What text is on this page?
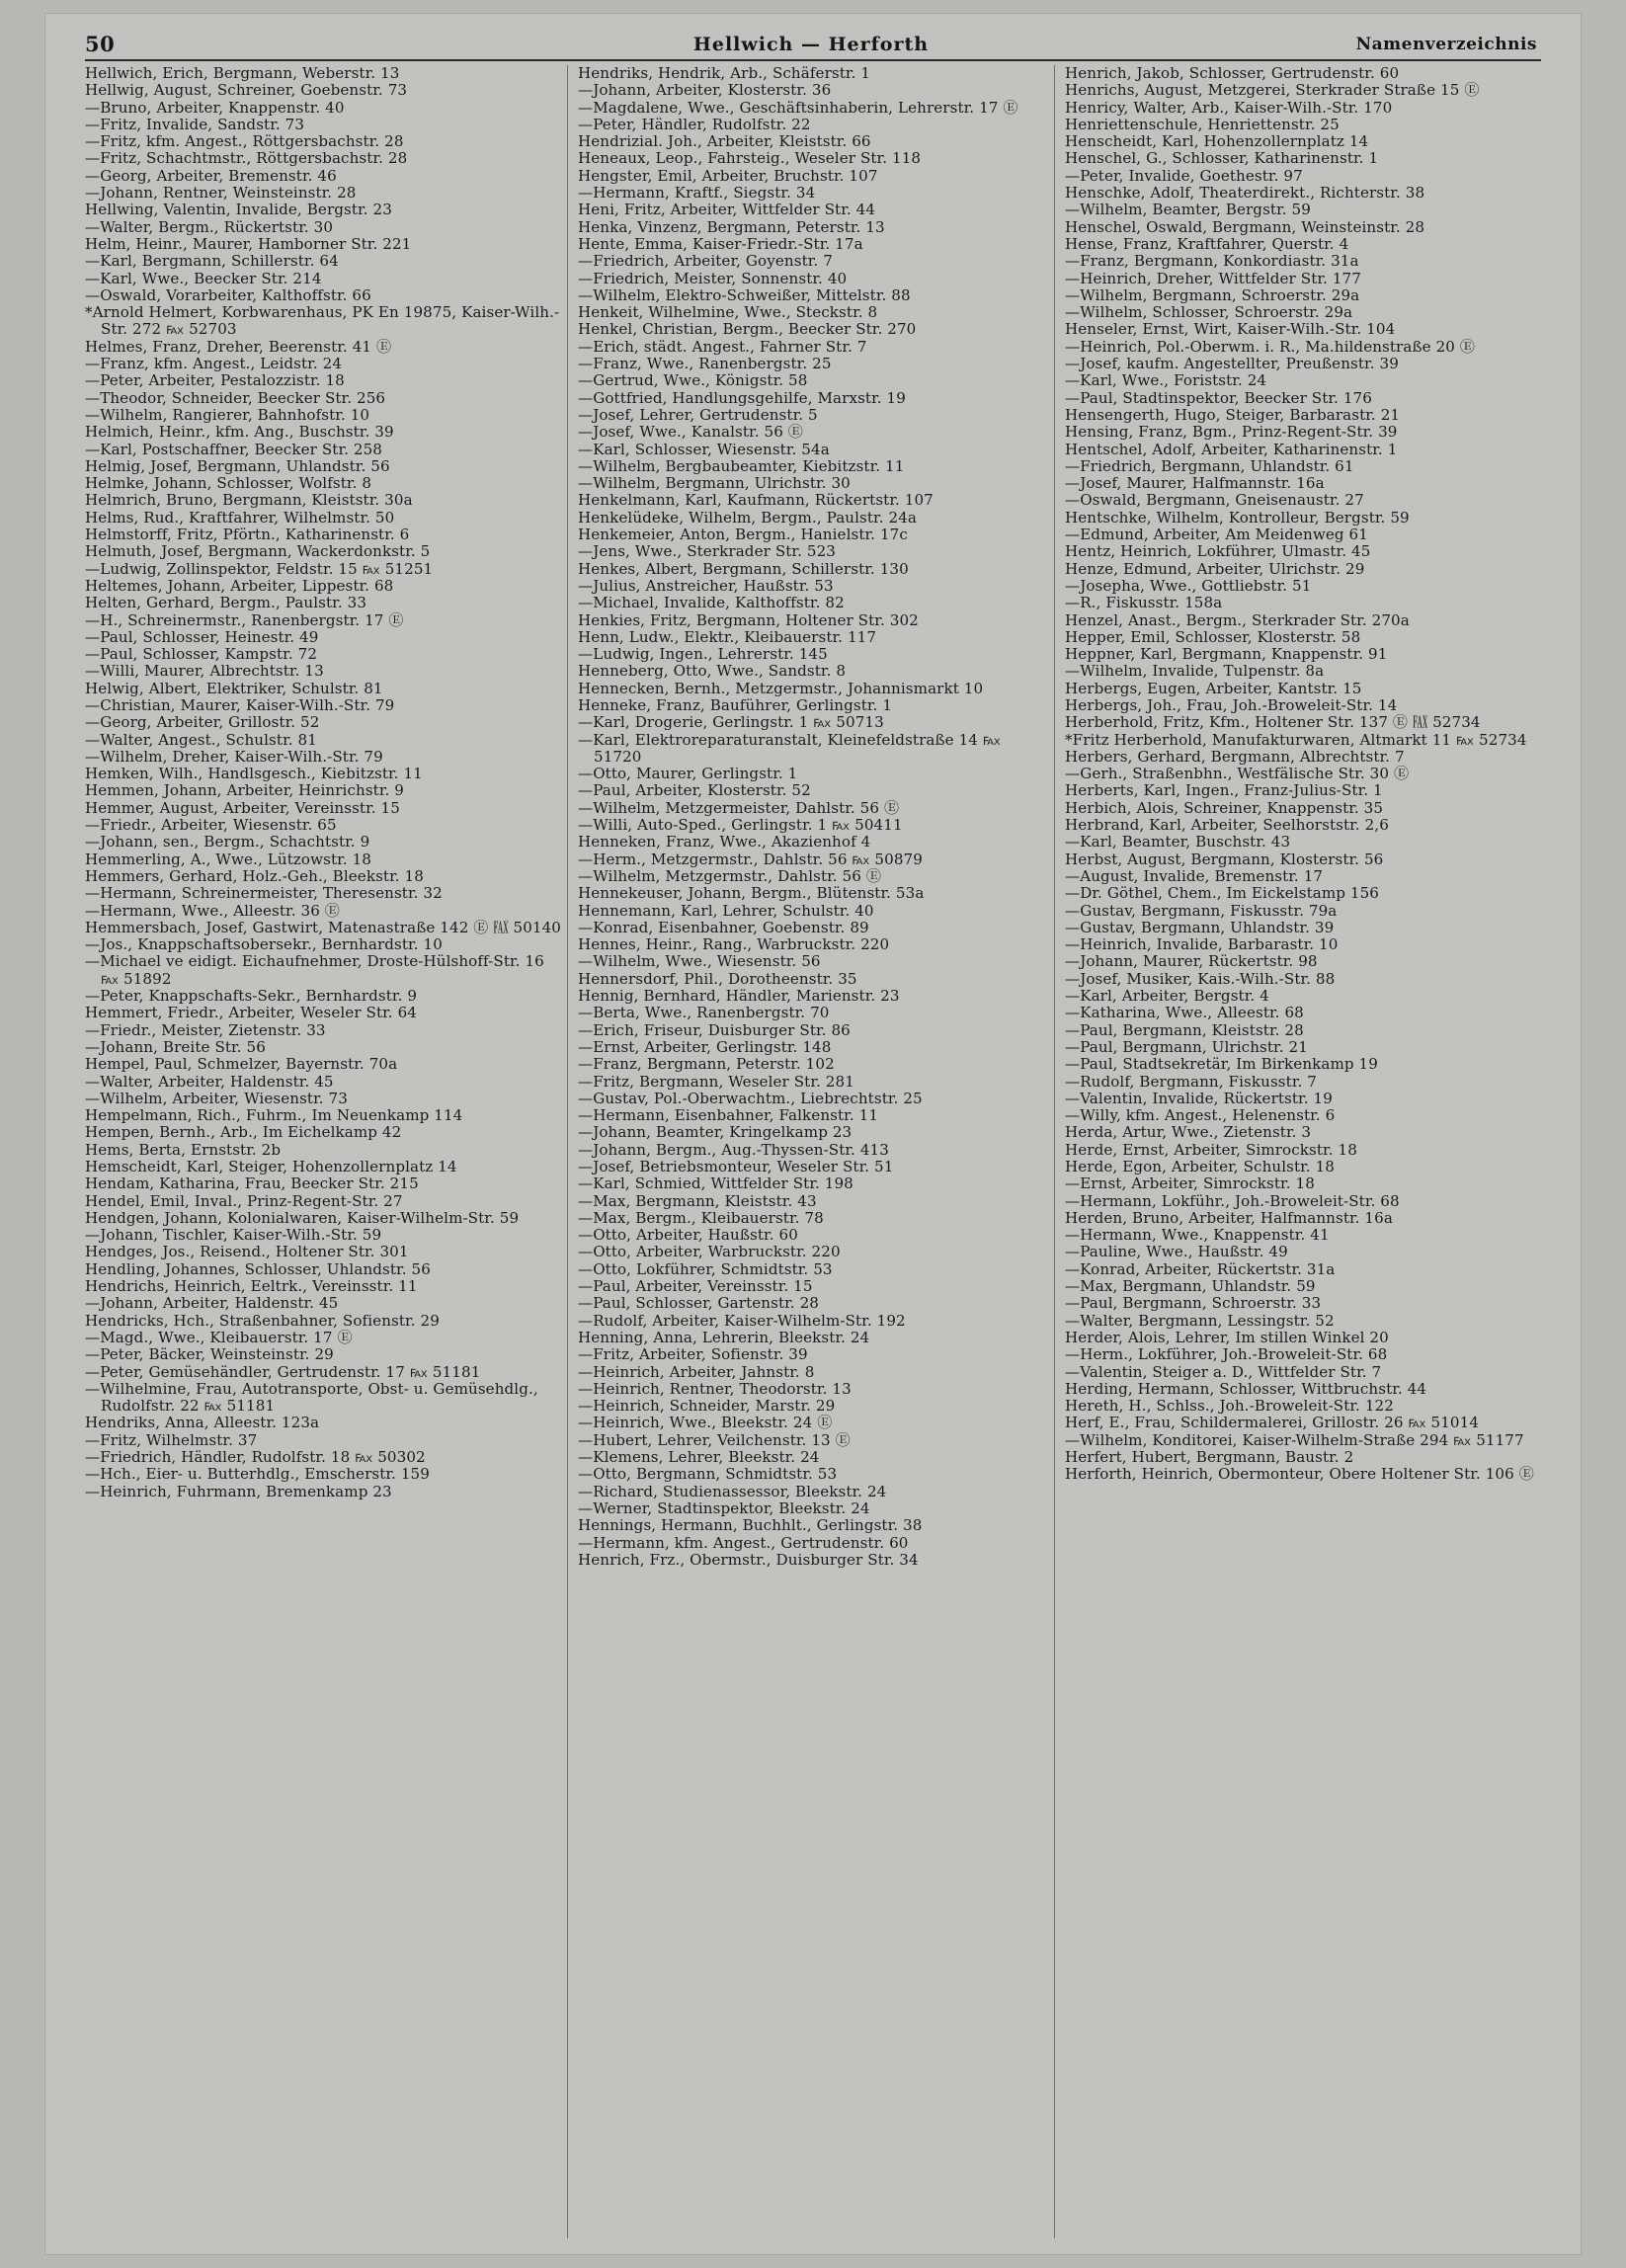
50	Hellwich — Herforth	Namenverzeichnis
Hellwich, Erich, Bergmann, Weberstr. 13
Hellwig, August, Schreiner, Goebenstr. 73
—Bruno, Arbeiter, Knappenstr. 40
—Fritz, Invalide, Sandstr. 73
—Fritz, kfm. Angest., Röttgersbachstr. 28
—Fritz, Schachtmstr., Röttgersbachstr. 28
—Georg, Arbeiter, Bremenstr. 46
—Johann, Rentner, Weinsteinstr. 28
Hellwing, Valentin, Invalide, Bergstr. 23
—Walter, Bergm., Rückertstr. 30
Helm, Heinr., Maurer, Hamborner Str. 221
—Karl, Bergmann, Schillerstr. 64
—Karl, Wwe., Beecker Str. 214
—Oswald, Vorarbeiter, Kalthoffstr. 66
*Arnold Helmert, Korbwarenhaus, PK En 19875, Kaiser-Wilh.-Str. 272 ℻ 52703
Helmes, Franz, Dreher, Beerenstr. 41 Ⓔ
—Franz, kfm. Angest., Leidstr. 24
—Peter, Arbeiter, Pestalozzistr. 18
—Theodor, Schneider, Beecker Str. 256
—Wilhelm, Rangierer, Bahnhofstr. 10
Helmich, Heinr., kfm. Ang., Buschstr. 39
—Karl, Postschaffner, Beecker Str. 258
Helmig, Josef, Bergmann, Uhlandstr. 56
Helmke, Johann, Schlosser, Wolfstr. 8
Helmrich, Bruno, Bergmann, Kleiststr. 30a
Helms, Rud., Kraftfahrer, Wilhelmstr. 50
Helmstorff, Fritz, Pförtn., Katharinenstr. 6
Helmuth, Josef, Bergmann, Wackerdonkstr. 5
—Ludwig, Zollinspektor, Feldstr. 15 ℻ 51251
Heltemes, Johann, Arbeiter, Lippestr. 68
Helten, Gerhard, Bergm., Paulstr. 33
—H., Schreinermstr., Ranenbergstr. 17 Ⓔ
—Paul, Schlosser, Heinestr. 49
—Paul, Schlosser, Kampstr. 72
—Willi, Maurer, Albrechtstr. 13
Helwig, Albert, Elektriker, Schulstr. 81
—Christian, Maurer, Kaiser-Wilh.-Str. 79
—Georg, Arbeiter, Grillostr. 52
—Walter, Angest., Schulstr. 81
—Wilhelm, Dreher, Kaiser-Wilh.-Str. 79
Hemken, Wilh., Handlsgesch., Kiebitzstr. 11
Hemmen, Johann, Arbeiter, Heinrichstr. 9
Hemmer, August, Arbeiter, Vereinsstr. 15
—Friedr., Arbeiter, Wiesenstr. 65
—Johann, sen., Bergm., Schachtstr. 9
Hemmerling, A., Wwe., Lützowstr. 18
Hemmers, Gerhard, Holz.-Geh., Bleekstr. 18
—Hermann, Schreinermeister, Theresenstr. 32
—Hermann, Wwe., Alleestr. 36 Ⓔ
Hemmersbach, Josef, Gastwirt, Matenastraße 142 Ⓔ ℻ 50140
—Jos., Knappschaftsobersekr., Bernhardstr. 10
—Michael ve eidigt. Eichaufnehmer, Droste-Hülshoff-Str. 16 ℻ 51892
—Peter, Knappschafts-Sekr., Bernhardstr. 9
Hemmert, Friedr., Arbeiter, Weseler Str. 64
—Friedr., Meister, Zietenstr. 33
—Johann, Breite Str. 56
Hempel, Paul, Schmelzer, Bayernstr. 70a
—Walter, Arbeiter, Haldenstr. 45
—Wilhelm, Arbeiter, Wiesenstr. 73
Hempelmann, Rich., Fuhrm., Im Neuenkamp 114
Hempen, Bernh., Arb., Im Eichelkamp 42
Hems, Berta, Ernststr. 2b
Hemscheidt, Karl, Steiger, Hohenzollernplatz 14
Hendam, Katharina, Frau, Beecker Str. 215
Hendel, Emil, Inval., Prinz-Regent-Str. 27
Hendgen, Johann, Kolonialwaren, Kaiser-Wilhelm-Str. 59
—Johann, Tischler, Kaiser-Wilh.-Str. 59
Hendges, Jos., Reisend., Holtener Str. 301
Hendling, Johannes, Schlosser, Uhlandstr. 56
Hendrichs, Heinrich, Eeltrk., Vereinsstr. 11
—Johann, Arbeiter, Haldenstr. 45
Hendricks, Hch., Straßenbahner, Sofienstr. 29
—Magd., Wwe., Kleibauerstr. 17 Ⓔ
—Peter, Bäcker, Weinsteinstr. 29
—Peter, Gemüsehändler, Gertrudenstr. 17 ℻ 51181
—Wilhelmine, Frau, Autotransporte, Obst- u. Gemüsehdlg., Rudolfstr. 22 ℻ 51181
Hendriks, Anna, Alleestr. 123a
—Fritz, Wilhelmstr. 37
—Friedrich, Händler, Rudolfstr. 18 ℻ 50302
—Hch., Eier- u. Butterhdlg., Emscherstr. 159
—Heinrich, Fuhrmann, Bremenkamp 23
Hendriks, Hendrik, Arb., Schäferstr. 1
—Johann, Arbeiter, Klosterstr. 36
—Magdalene, Wwe., Geschäftsinhaberin, Lehrerstr. 17 Ⓔ
—Peter, Händler, Rudolfstr. 22
Hendrizial. Joh., Arbeiter, Kleiststr. 66
Heneaux, Leop., Fahrsteig., Weseler Str. 118
Hengster, Emil, Arbeiter, Bruchstr. 107
—Hermann, Kraftf., Siegstr. 34
Heni, Fritz, Arbeiter, Wittfelder Str. 44
Henka, Vinzenz, Bergmann, Peterstr. 13
Hente, Emma, Kaiser-Friedr.-Str. 17a
—Friedrich, Arbeiter, Goyenstr. 7
—Friedrich, Meister, Sonnenstr. 40
—Wilhelm, Elektro-Schweißer, Mittelstr. 88
Henkeit, Wilhelmine, Wwe., Steckstr. 8
Henkel, Christian, Bergm., Beecker Str. 270
—Erich, städt. Angest., Fahrner Str. 7
—Franz, Wwe., Ranenbergstr. 25
—Gertrud, Wwe., Königstr. 58
—Gottfried, Handlungsgehilfe, Marxstr. 19
—Josef, Lehrer, Gertrudenstr. 5
—Josef, Wwe., Kanalstr. 56 Ⓔ
—Karl, Schlosser, Wiesenstr. 54a
—Wilhelm, Bergbaubeamter, Kiebitzstr. 11
—Wilhelm, Bergmann, Ulrichstr. 30
Henkelmann, Karl, Kaufmann, Rückertstr. 107
Henkelüdeke, Wilhelm, Bergm., Paulstr. 24a
Henkemeier, Anton, Bergm., Hanielstr. 17c
—Jens, Wwe., Sterkrader Str. 523
Henkes, Albert, Bergmann, Schillerstr. 130
—Julius, Anstreicher, Haußstr. 53
—Michael, Invalide, Kalthoffstr. 82
Henkies, Fritz, Bergmann, Holtener Str. 302
Henn, Ludw., Elektr., Kleibauerstr. 117
—Ludwig, Ingen., Lehrerstr. 145
Henneberg, Otto, Wwe., Sandstr. 8
Hennecken, Bernh., Metzgermstr., Johannismarkt 10
Henneke, Franz, Bauführer, Gerlingstr. 1
—Karl, Drogerie, Gerlingstr. 1 ℻ 50713
—Karl, Elektroreparaturanstalt, Kleinefeldstraße 14 ℻ 51720
—Otto, Maurer, Gerlingstr. 1
—Paul, Arbeiter, Klosterstr. 52
—Wilhelm, Metzgermeister, Dahlstr. 56 Ⓔ
—Willi, Auto-Sped., Gerlingstr. 1 ℻ 50411
Henneken, Franz, Wwe., Akazienhof 4
—Herm., Metzgermstr., Dahlstr. 56 ℻ 50879
—Wilhelm, Metzgermstr., Dahlstr. 56 Ⓔ
Hennekeuser, Johann, Bergm., Blütenstr. 53a
Hennemann, Karl, Lehrer, Schulstr. 40
—Konrad, Eisenbahner, Goebenstr. 89
Hennes, Heinr., Rang., Warbruckstr. 220
—Wilhelm, Wwe., Wiesenstr. 56
Hennersdorf, Phil., Dorotheenstr. 35
Hennig, Bernhard, Händler, Marienstr. 23
—Berta, Wwe., Ranenbergstr. 70
—Erich, Friseur, Duisburger Str. 86
—Ernst, Arbeiter, Gerlingstr. 148
—Franz, Bergmann, Peterstr. 102
—Fritz, Bergmann, Weseler Str. 281
—Gustav, Pol.-Oberwachtm., Liebrechtstr. 25
—Hermann, Eisenbahner, Falkenstr. 11
—Johann, Beamter, Kringelkamp 23
—Johann, Bergm., Aug.-Thyssen-Str. 413
—Josef, Betriebsmonteur, Weseler Str. 51
—Karl, Schmied, Wittfelder Str. 198
—Max, Bergmann, Kleiststr. 43
—Max, Bergm., Kleibauerstr. 78
—Otto, Arbeiter, Haußstr. 60
—Otto, Arbeiter, Warbruckstr. 220
—Otto, Lokführer, Schmidtstr. 53
—Paul, Arbeiter, Vereinsstr. 15
—Paul, Schlosser, Gartenstr. 28
—Rudolf, Arbeiter, Kaiser-Wilhelm-Str. 192
Henning, Anna, Lehrerin, Bleekstr. 24
—Fritz, Arbeiter, Sofienstr. 39
—Heinrich, Arbeiter, Jahnstr. 8
—Heinrich, Rentner, Theodorstr. 13
—Heinrich, Schneider, Marstr. 29
—Heinrich, Wwe., Bleekstr. 24 Ⓔ
—Hubert, Lehrer, Veilchenstr. 13 Ⓔ
—Klemens, Lehrer, Bleekstr. 24
—Otto, Bergmann, Schmidtstr. 53
—Richard, Studienassessor, Bleekstr. 24
—Werner, Stadtinspektor, Bleekstr. 24
Hennings, Hermann, Buchhlt., Gerlingstr. 38
—Hermann, kfm. Angest., Gertrudenstr. 60
Henrich, Frz., Obermstr., Duisburger Str. 34
Henrich, Jakob, Schlosser, Gertrudenstr. 60
Henrichs, August, Metzgerei, Sterkrader Straße 15 Ⓔ
Henricy, Walter, Arb., Kaiser-Wilh.-Str. 170
Henriettenschule, Henriettenstr. 25
Henscheidt, Karl, Hohenzollernplatz 14
Henschel, G., Schlosser, Katharinenstr. 1
—Peter, Invalide, Goethestr. 97
Henschke, Adolf, Theaterdirekt., Richterstr. 38
—Wilhelm, Beamter, Bergstr. 59
Henschel, Oswald, Bergmann, Weinsteinstr. 28
Hense, Franz, Kraftfahrer, Querstr. 4
—Franz, Bergmann, Konkordiastr. 31a
—Heinrich, Dreher, Wittfelder Str. 177
—Wilhelm, Bergmann, Schroerstr. 29a
—Wilhelm, Schlosser, Schroerstr. 29a
Henseler, Ernst, Wirt, Kaiser-Wilh.-Str. 104
—Heinrich, Pol.-Oberwm. i. R., Ma.hildenstraße 20 Ⓔ
—Josef, kaufm. Angestellter, Preußenstr. 39
—Karl, Wwe., Foriststr. 24
—Paul, Stadtinspektor, Beecker Str. 176
Hensengerth, Hugo, Steiger, Barbarastr. 21
Hensing, Franz, Bgm., Prinz-Regent-Str. 39
Hentschel, Adolf, Arbeiter, Katharinenstr. 1
—Friedrich, Bergmann, Uhlandstr. 61
—Josef, Maurer, Halfmannstr. 16a
—Oswald, Bergmann, Gneisenaustr. 27
Hentschke, Wilhelm, Kontrolleur, Bergstr. 59
—Edmund, Arbeiter, Am Meidenweg 61
Hentz, Heinrich, Lokführer, Ulmastr. 45
Henze, Edmund, Arbeiter, Ulrichstr. 29
—Josepha, Wwe., Gottliebstr. 51
—R., Fiskusstr. 158a
Henzel, Anast., Bergm., Sterkrader Str. 270a
Hepper, Emil, Schlosser, Klosterstr. 58
Heppner, Karl, Bergmann, Knappenstr. 91
—Wilhelm, Invalide, Tulpenstr. 8a
Herbergs, Eugen, Arbeiter, Kantstr. 15
Herbergs, Joh., Frau, Joh.-Broweleit-Str. 14
Herberhold, Fritz, Kfm., Holtener Str. 137 Ⓔ ℻ 52734
*Fritz Herberhold, Manufakturwaren, Altmarkt 11 ℻ 52734
Herbers, Gerhard, Bergmann, Albrechtstr. 7
—Gerh., Straßenbhn., Westfälische Str. 30 Ⓔ
Herberts, Karl, Ingen., Franz-Julius-Str. 1
Herbich, Alois, Schreiner, Knappenstr. 35
Herbrand, Karl, Arbeiter, Seelhorststr. 2,6
—Karl, Beamter, Buschstr. 43
Herbst, August, Bergmann, Klosterstr. 56
—August, Invalide, Bremenstr. 17
—Dr. Göthel, Chem., Im Eickelstamp 156
—Gustav, Bergmann, Fiskusstr. 79a
—Gustav, Bergmann, Uhlandstr. 39
—Heinrich, Invalide, Barbarastr. 10
—Johann, Maurer, Rückertstr. 98
—Josef, Musiker, Kais.-Wilh.-Str. 88
—Karl, Arbeiter, Bergstr. 4
—Katharina, Wwe., Alleestr. 68
—Paul, Bergmann, Kleiststr. 28
—Paul, Bergmann, Ulrichstr. 21
—Paul, Stadtsekretär, Im Birkenkamp 19
—Rudolf, Bergmann, Fiskusstr. 7
—Valentin, Invalide, Rückertstr. 19
—Willy, kfm. Angest., Helenenstr. 6
Herda, Artur, Wwe., Zietenstr. 3
Herde, Ernst, Arbeiter, Simrockstr. 18
Herde, Egon, Arbeiter, Schulstr. 18
—Ernst, Arbeiter, Simrockstr. 18
—Hermann, Lokführ., Joh.-Broweleit-Str. 68
Herden, Bruno, Arbeiter, Halfmannstr. 16a
—Hermann, Wwe., Knappenstr. 41
—Pauline, Wwe., Haußstr. 49
—Konrad, Arbeiter, Rückertstr. 31a
—Max, Bergmann, Uhlandstr. 59
—Paul, Bergmann, Schroerstr. 33
—Walter, Bergmann, Lessingstr. 52
Herder, Alois, Lehrer, Im stillen Winkel 20
—Herm., Lokführer, Joh.-Broweleit-Str. 68
—Valentin, Steiger a. D., Wittfelder Str. 7
Herding, Hermann, Schlosser, Wittbruchstr. 44
Hereth, H., Schlss., Joh.-Broweleit-Str. 122
Herf, E., Frau, Schildermalerei, Grillostr. 26 ℻ 51014
—Wilhelm, Konditorei, Kaiser-Wilhelm-Straße 294 ℻ 51177
Herfert, Hubert, Bergmann, Baustr. 2
Herforth, Heinrich, Obermonteur, Obere Holtener Str. 106 Ⓔ
